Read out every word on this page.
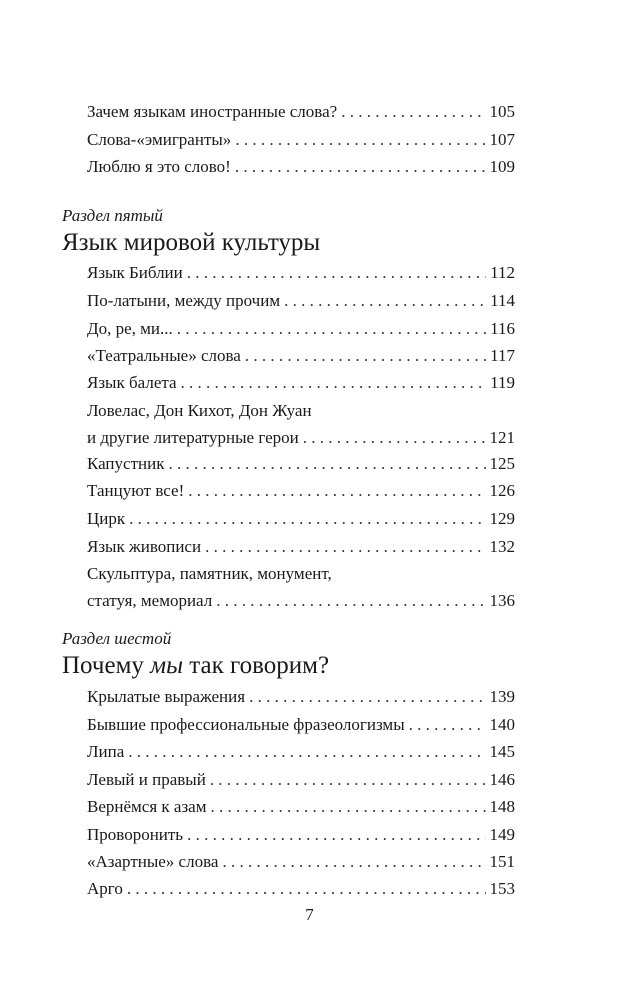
Зачем языкам иностранные слова? . . .	105
Слова-«эмигранты» . . .	107
Люблю я это слово! . . .	109
Раздел пятый
Язык мировой культуры
Язык Библии . . .	112
По-латыни, между прочим . . .	114
До, ре, ми... . . .	116
«Театральные» слова . . .	117
Язык балета . . .	119
Ловелас, Дон Кихот, Дон Жуан
и другие литературные герои . . .	121
Капустник . . .	125
Танцуют все! . . .	126
Цирк . . .	129
Язык живописи . . .	132
Скульптура, памятник, монумент,
статуя, мемориал . . .	136
Раздел шестой
Почему мы так говорим?
Крылатые выражения . . .	139
Бывшие профессиональные фразеологизмы . . .	140
Липа . . .	145
Левый и правый . . .	146
Вернёмся к азам . . .	148
Проворонить . . .	149
«Азартные» слова . . .	151
Арго . . .	153
7
